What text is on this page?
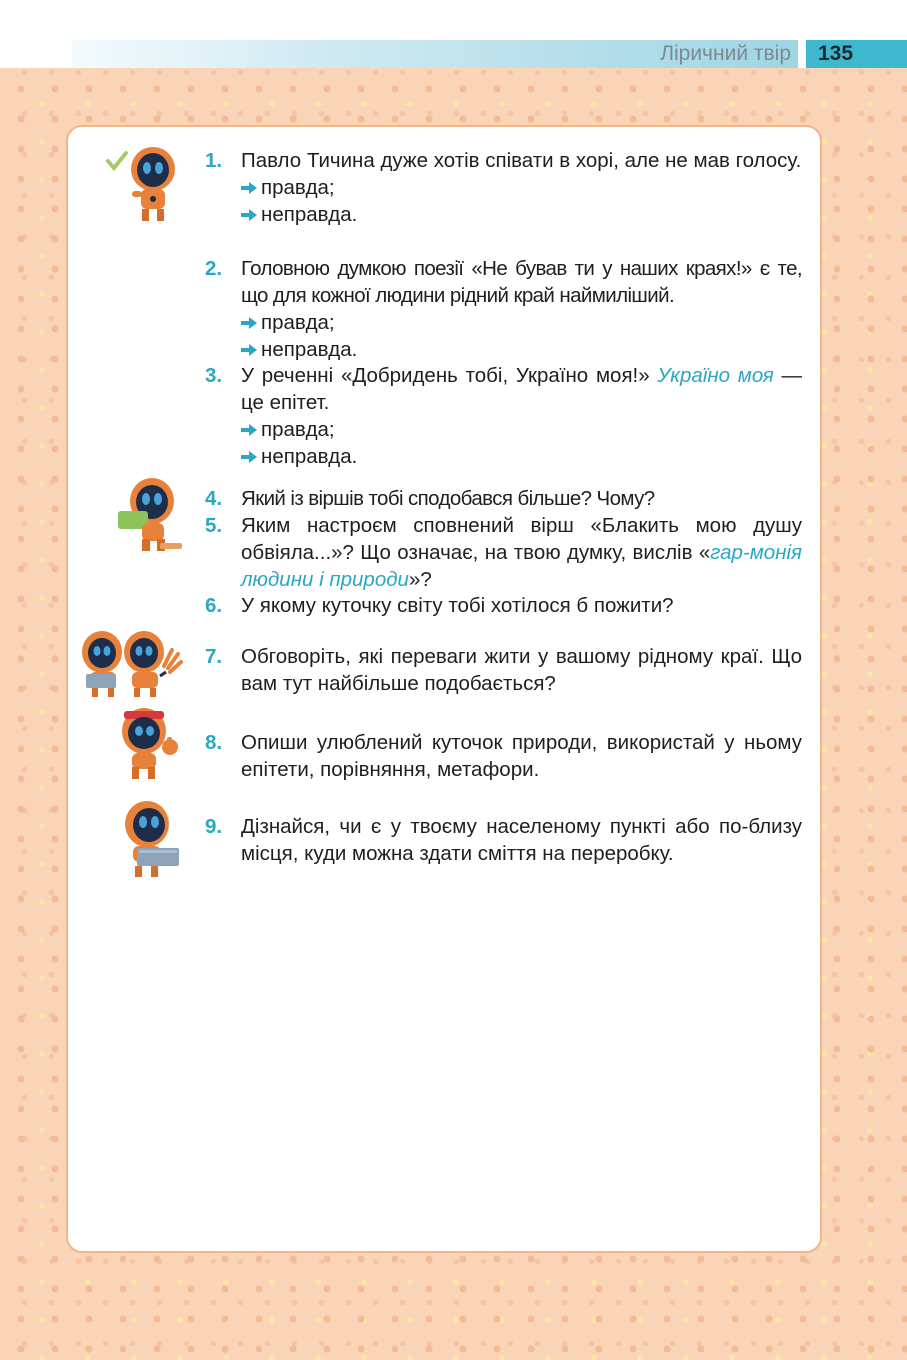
Ліричний твір	135
1. Павло Тичина дуже хотів співати в хорі, але не мав голосу.
правда;
неправда.
2. Головною думкою поезії «Не бував ти у наших краях!» є те, що для кожної людини рідний край наймиліший.
правда;
неправда.
3. У реченні «Добридень тобі, Україно моя!» Україно моя — це епітет.
правда;
неправда.
4. Який із віршів тобі сподобався більше? Чому?
5. Яким настроєм сповнений вірш «Блакить мою душу обвіяла...»? Що означає, на твою думку, вислів «гар-монія людини і природи»?
6. У якому куточку світу тобі хотілося б пожити?
7. Обговоріть, які переваги жити у вашому рідному краї. Що вам тут найбільше подобається?
8. Опиши улюблений куточок природи, використай у ньому епітети, порівняння, метафори.
9. Дізнайся, чи є у твоєму населеному пункті або по-близу місця, куди можна здати сміття на переробку.
